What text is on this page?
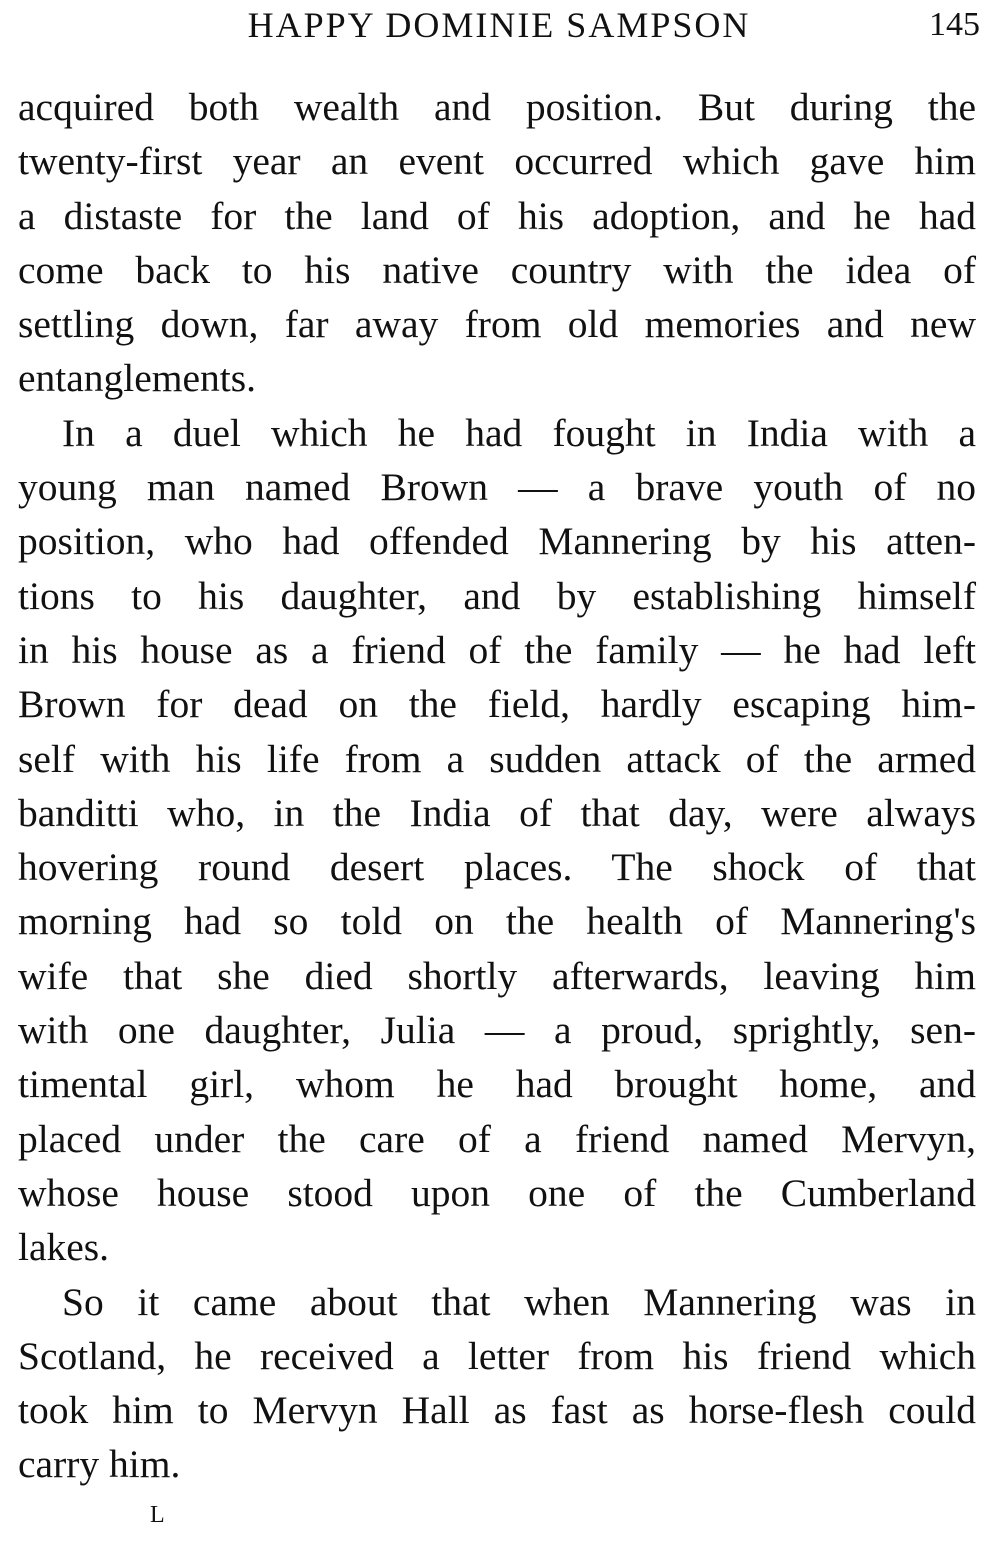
HAPPY DOMINIE SAMPSON	145
acquired both wealth and position. But during the
twenty-first year an event occurred which gave him
a distaste for the land of his adoption, and he had
come back to his native country with the idea of
settling down, far away from old memories and new
entanglements.
In a duel which he had fought in India with a
young man named Brown — a brave youth of no
position, who had offended Mannering by his atten-
tions to his daughter, and by establishing himself
in his house as a friend of the family — he had left
Brown for dead on the field, hardly escaping him-
self with his life from a sudden attack of the armed
banditti who, in the India of that day, were always
hovering round desert places. The shock of that
morning had so told on the health of Mannering's
wife that she died shortly afterwards, leaving him
with one daughter, Julia — a proud, sprightly, sen-
timental girl, whom he had brought home, and
placed under the care of a friend named Mervyn,
whose house stood upon one of the Cumberland
lakes.
So it came about that when Mannering was in
Scotland, he received a letter from his friend which
took him to Mervyn Hall as fast as horse-flesh could
carry him.
L
